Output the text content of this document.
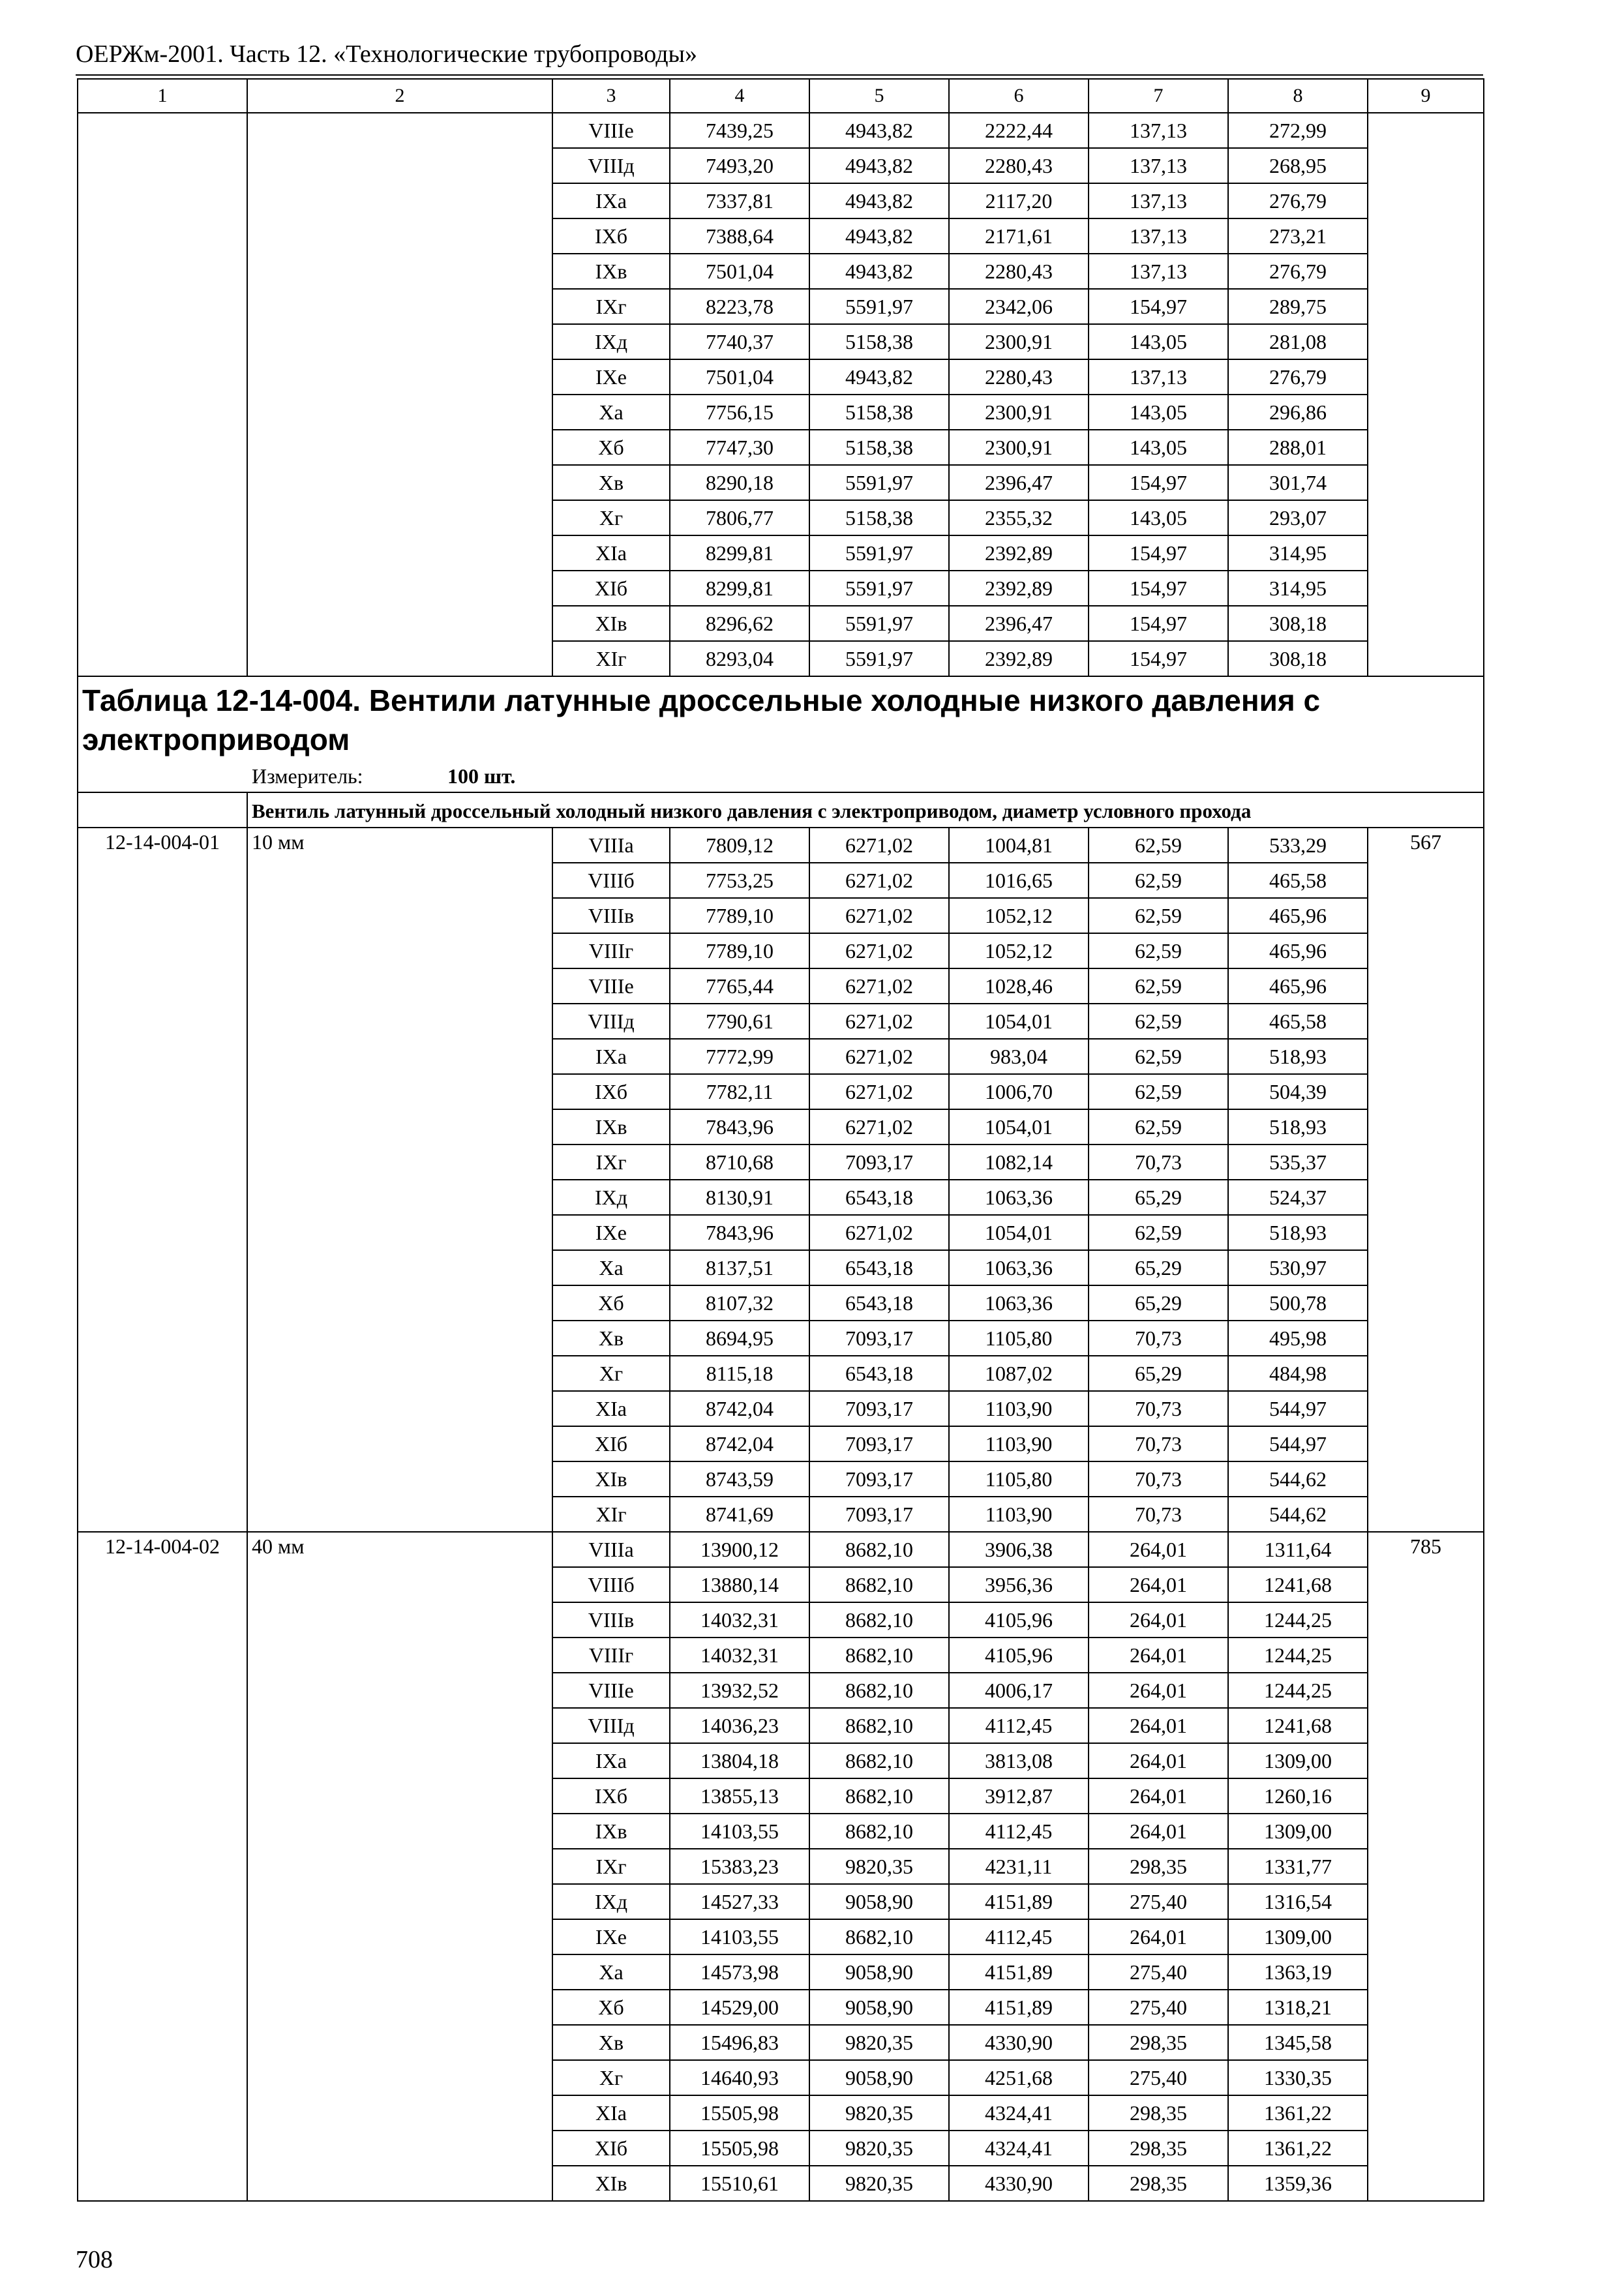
ОЕРЖм-2001. Часть 12. «Технологические трубопроводы»
1	2	3	4	5	6	7	8	9
		VIIIе	7439,25	4943,82	2222,44	137,13	272,99	
		VIIIд	7493,20	4943,82	2280,43	137,13	268,95	
		IXа	7337,81	4943,82	2117,20	137,13	276,79	
		IXб	7388,64	4943,82	2171,61	137,13	273,21	
		IXв	7501,04	4943,82	2280,43	137,13	276,79	
		IXг	8223,78	5591,97	2342,06	154,97	289,75	
		IXд	7740,37	5158,38	2300,91	143,05	281,08	
		IXе	7501,04	4943,82	2280,43	137,13	276,79	
		Xа	7756,15	5158,38	2300,91	143,05	296,86	
		Xб	7747,30	5158,38	2300,91	143,05	288,01	
		Xв	8290,18	5591,97	2396,47	154,97	301,74	
		Xг	7806,77	5158,38	2355,32	143,05	293,07	
		XIа	8299,81	5591,97	2392,89	154,97	314,95	
		XIб	8299,81	5591,97	2392,89	154,97	314,95	
		XIв	8296,62	5591,97	2396,47	154,97	308,18	
		XIг	8293,04	5591,97	2392,89	154,97	308,18	

Таблица 12-14-004. Вентили латунные дроссельные холодные низкого давления с электроприводом
Измеритель: 100 шт.								

	Вентиль латунный дроссельный холодный низкого давления с электроприводом, диаметр условного прохода							
12-14-004-01	10 мм	VIIIа	7809,12	6271,02	1004,81	62,59	533,29	567
		VIIIб	7753,25	6271,02	1016,65	62,59	465,58	
		VIIIв	7789,10	6271,02	1052,12	62,59	465,96	
		VIIIг	7789,10	6271,02	1052,12	62,59	465,96	
		VIIIе	7765,44	6271,02	1028,46	62,59	465,96	
		VIIIд	7790,61	6271,02	1054,01	62,59	465,58	
		IXа	7772,99	6271,02	983,04	62,59	518,93	
		IXб	7782,11	6271,02	1006,70	62,59	504,39	
		IXв	7843,96	6271,02	1054,01	62,59	518,93	
		IXг	8710,68	7093,17	1082,14	70,73	535,37	
		IXд	8130,91	6543,18	1063,36	65,29	524,37	
		IXе	7843,96	6271,02	1054,01	62,59	518,93	
		Xа	8137,51	6543,18	1063,36	65,29	530,97	
		Xб	8107,32	6543,18	1063,36	65,29	500,78	
		Xв	8694,95	7093,17	1105,80	70,73	495,98	
		Xг	8115,18	6543,18	1087,02	65,29	484,98	
		XIа	8742,04	7093,17	1103,90	70,73	544,97	
		XIб	8742,04	7093,17	1103,90	70,73	544,97	
		XIв	8743,59	7093,17	1105,80	70,73	544,62	
		XIг	8741,69	7093,17	1103,90	70,73	544,62	
12-14-004-02	40 мм	VIIIа	13900,12	8682,10	3906,38	264,01	1311,64	785
		VIIIб	13880,14	8682,10	3956,36	264,01	1241,68	
		VIIIв	14032,31	8682,10	4105,96	264,01	1244,25	
		VIIIг	14032,31	8682,10	4105,96	264,01	1244,25	
		VIIIе	13932,52	8682,10	4006,17	264,01	1244,25	
		VIIIд	14036,23	8682,10	4112,45	264,01	1241,68	
		IXа	13804,18	8682,10	3813,08	264,01	1309,00	
		IXб	13855,13	8682,10	3912,87	264,01	1260,16	
		IXв	14103,55	8682,10	4112,45	264,01	1309,00	
		IXг	15383,23	9820,35	4231,11	298,35	1331,77	
		IXд	14527,33	9058,90	4151,89	275,40	1316,54	
		IXе	14103,55	8682,10	4112,45	264,01	1309,00	
		Xа	14573,98	9058,90	4151,89	275,40	1363,19	
		Xб	14529,00	9058,90	4151,89	275,40	1318,21	
		Xв	15496,83	9820,35	4330,90	298,35	1345,58	
		Xг	14640,93	9058,90	4251,68	275,40	1330,35	
		XIа	15505,98	9820,35	4324,41	298,35	1361,22	
		XIб	15505,98	9820,35	4324,41	298,35	1361,22	
		XIв	15510,61	9820,35	4330,90	298,35	1359,36	
708
